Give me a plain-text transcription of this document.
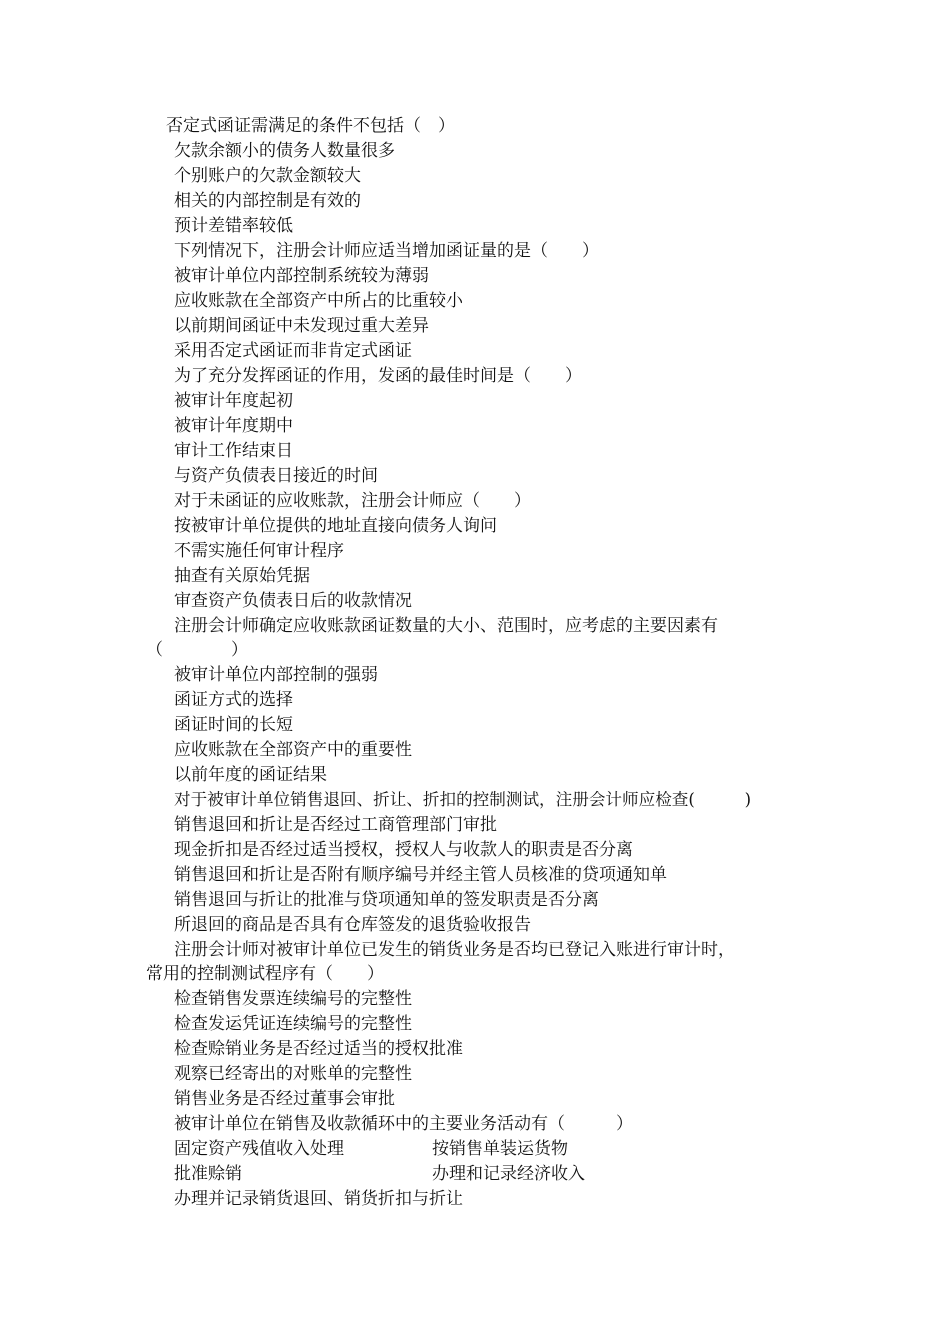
否定式函证需满足的条件不包括（　）
欠款余额小的债务人数量很多
个别账户的欠款金额较大
相关的内部控制是有效的
预计差错率较低
下列情况下，注册会计师应适当增加函证量的是（　　）
被审计单位内部控制系统较为薄弱
应收账款在全部资产中所占的比重较小
以前期间函证中未发现过重大差异
采用否定式函证而非肯定式函证
为了充分发挥函证的作用，发函的最佳时间是（　　）
被审计年度起初
被审计年度期中
审计工作结束日
与资产负债表日接近的时间
对于未函证的应收账款，注册会计师应（　　）
按被审计单位提供的地址直接向债务人询问
不需实施任何审计程序
抽查有关原始凭据
审查资产负债表日后的收款情况
注册会计师确定应收账款函证数量的大小、范围时，应考虑的主要因素有
（　　　　）
被审计单位内部控制的强弱
函证方式的选择
函证时间的长短
应收账款在全部资产中的重要性
以前年度的函证结果
对于被审计单位销售退回、折让、折扣的控制测试，注册会计师应检查(　　　)
销售退回和折让是否经过工商管理部门审批
现金折扣是否经过适当授权，授权人与收款人的职责是否分离
销售退回和折让是否附有顺序编号并经主管人员核准的贷项通知单
销售退回与折让的批准与贷项通知单的签发职责是否分离
所退回的商品是否具有仓库签发的退货验收报告
注册会计师对被审计单位已发生的销货业务是否均已登记入账进行审计时，
常用的控制测试程序有（　　）
检查销售发票连续编号的完整性
检查发运凭证连续编号的完整性
检查赊销业务是否经过适当的授权批准
观察已经寄出的对账单的完整性
销售业务是否经过董事会审批
被审计单位在销售及收款循环中的主要业务活动有（　　　）
固定资产残值收入处理	按销售单装运货物
批准赊销	办理和记录经济收入
办理并记录销货退回、销货折扣与折让
